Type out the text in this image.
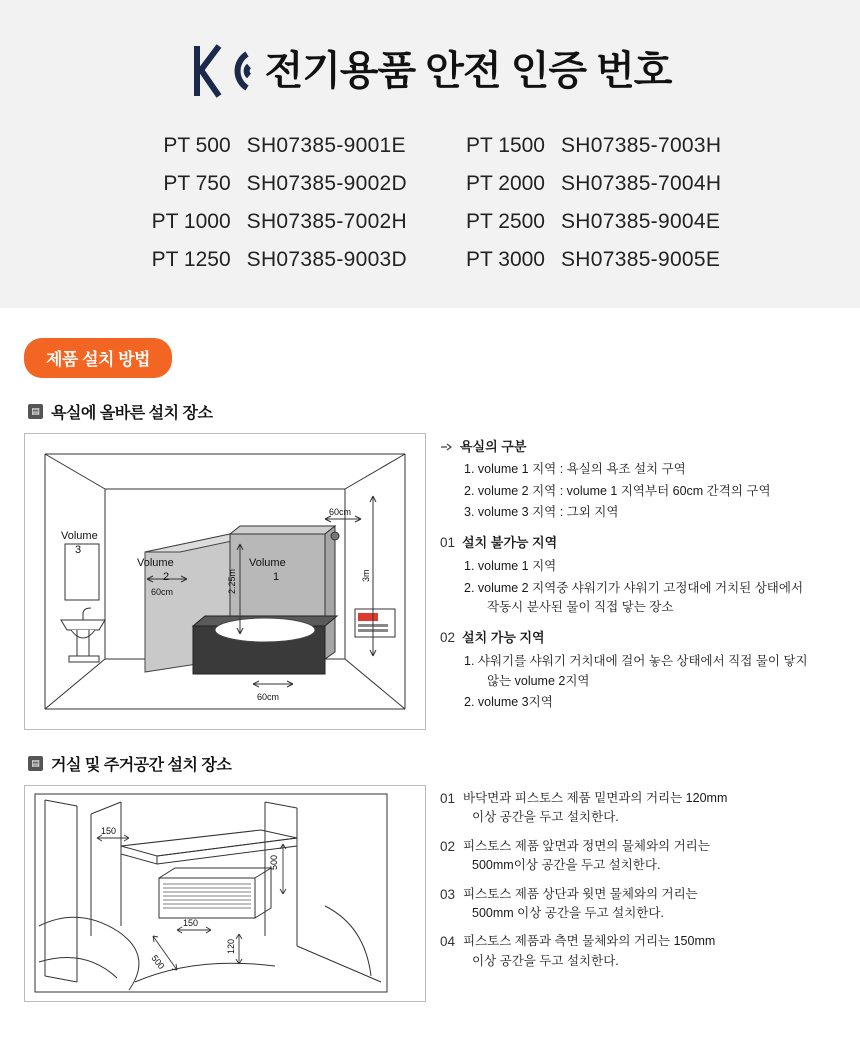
전기용품 안전 인증 번호
PT 500 SH07385-9001E
PT 750 SH07385-9002D
PT 1000 SH07385-7002H
PT 1250 SH07385-9003D
PT 1500 SH07385-7003H
PT 2000 SH07385-7004H
PT 2500 SH07385-9004E
PT 3000 SH07385-9005E
제품 설치 방법
▤ 욕실에 올바른 설치 장소
Volume
3
Volume
2
Volume
1
60cm
60cm
60cm
2.25m	3m
욕실의 구분
1. volume 1 지역 : 욕실의 욕조 설치 구역
2. volume 2 지역 : volume 1 지역부터 60cm 간격의 구역
3. volume 3 지역 : 그외 지역
01 설치 불가능 지역
1. volume 1 지역
2. volume 2 지역중 샤워기가 샤워기 고정대에 거치된 상태에서
작동시 분사된 물이 직접 닿는 장소
02 설치 가능 지역
1. 샤워기를 샤워기 거치대에 걸어 놓은 상태에서 직접 물이 닿지
않는 volume 2지역
2. volume 3지역
▤ 거실 및 주거공간 설치 장소
150
500
150
500
120
01 바닥면과 피스토스 제품 밑면과의 거리는 120mm
이상 공간을 두고 설치한다.
02 피스토스 제품 앞면과 정면의 물체와의 거리는
500mm이상 공간을 두고 설치한다.
03 피스토스 제품 상단과 윗면 물체와의 거리는
500mm 이상 공간을 두고 설치한다.
04 피스토스 제품과 측면 물체와의 거리는 150mm
이상 공간을 두고 설치한다.
